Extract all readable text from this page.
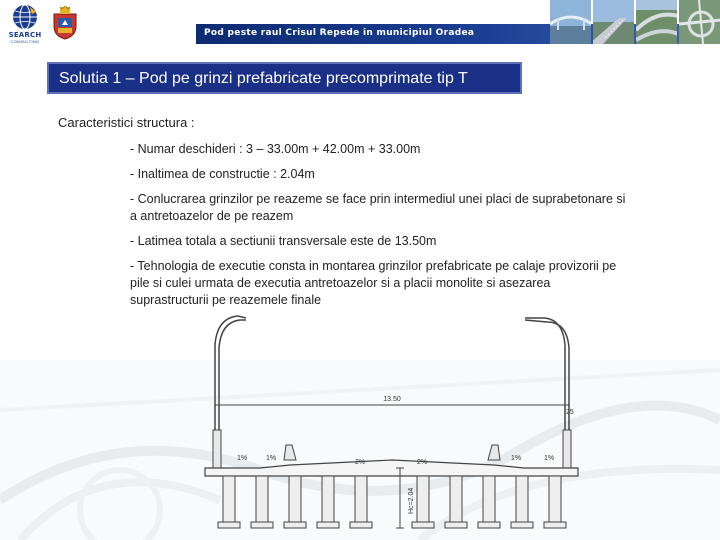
SEARCH
CONSULTING
Pod peste raul Crisul Repede in municipiul Oradea
Solutia 1 – Pod pe grinzi prefabricate precomprimate tip T
Caracteristici structura :
- Numar deschideri : 3 – 33.00m + 42.00m + 33.00m
- Inaltimea de constructie : 2.04m
- Conlucrarea grinzilor pe reazeme se face prin intermediul unei placi de suprabetonare si a antretoazelor de pe reazem
- Latimea totala a sectiunii transversale este de 13.50m
- Tehnologia de executie consta in montarea grinzilor prefabricate pe calaje provizorii pe pile si culei urmata de executia antretoazelor si a placii monolite si asezarea suprastructurii pe reazemele finale
13.50
25
1%	1%
2%	2%
1%	1%
Hc=2.04
